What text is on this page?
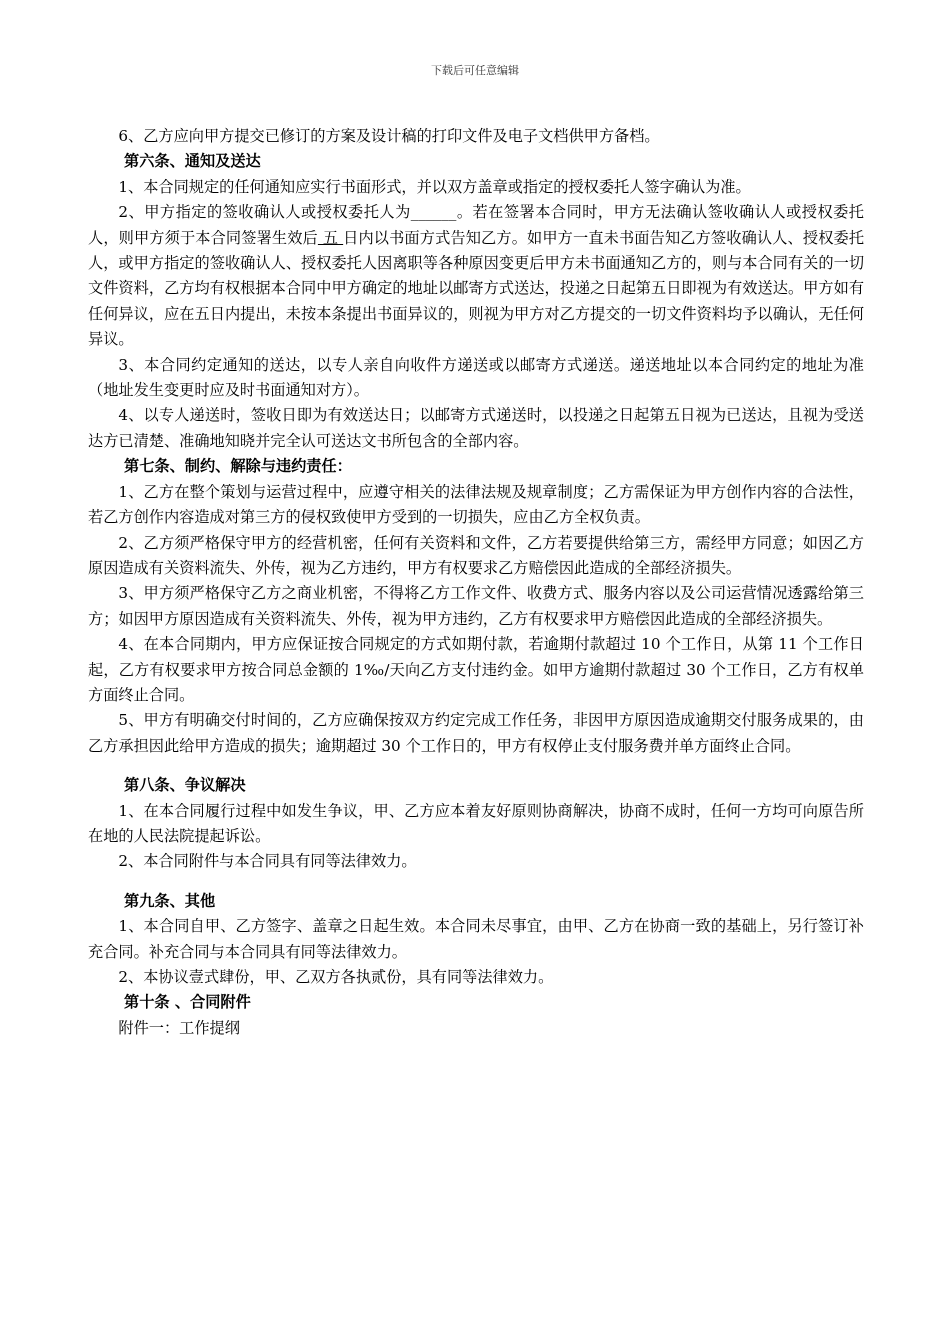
下载后可任意编辑

6、乙方应向甲方提交已修订的方案及设计稿的打印文件及电子文档供甲方备档。

第六条、通知及送达

1、本合同规定的任何通知应实行书面形式，并以双方盖章或指定的授权委托人签字确认为准。

2、甲方指定的签收确认人或授权委托人为______。若在签署本合同时，甲方无法确认签收确认人或授权委托人，则甲方须于本合同签署生效后 五 日内以书面方式告知乙方。如甲方一直未书面告知乙方签收确认人、授权委托人，或甲方指定的签收确认人、授权委托人因离职等各种原因变更后甲方未书面通知乙方的，则与本合同有关的一切文件资料，乙方均有权根据本合同中甲方确定的地址以邮寄方式送达，投递之日起第五日即视为有效送达。甲方如有任何异议，应在五日内提出，未按本条提出书面异议的，则视为甲方对乙方提交的一切文件资料均予以确认，无任何异议。

3、本合同约定通知的送达，以专人亲自向收件方递送或以邮寄方式递送。递送地址以本合同约定的地址为准（地址发生变更时应及时书面通知对方）。

4、以专人递送时，签收日即为有效送达日；以邮寄方式递送时，以投递之日起第五日视为已送达，且视为受送达方已清楚、准确地知晓并完全认可送达文书所包含的全部内容。

第七条、制约、解除与违约责任：

1、乙方在整个策划与运营过程中，应遵守相关的法律法规及规章制度；乙方需保证为甲方创作内容的合法性，若乙方创作内容造成对第三方的侵权致使甲方受到的一切损失，应由乙方全权负责。

2、乙方须严格保守甲方的经营机密，任何有关资料和文件，乙方若要提供给第三方，需经甲方同意；如因乙方原因造成有关资料流失、外传，视为乙方违约，甲方有权要求乙方赔偿因此造成的全部经济损失。

3、甲方须严格保守乙方之商业机密，不得将乙方工作文件、收费方式、服务内容以及公司运营情况透露给第三方；如因甲方原因造成有关资料流失、外传，视为甲方违约，乙方有权要求甲方赔偿因此造成的全部经济损失。

4、在本合同期内，甲方应保证按合同规定的方式如期付款，若逾期付款超过 10 个工作日，从第 11 个工作日起，乙方有权要求甲方按合同总金额的 1‰/天向乙方支付违约金。如甲方逾期付款超过 30 个工作日，乙方有权单方面终止合同。

5、甲方有明确交付时间的，乙方应确保按双方约定完成工作任务，非因甲方原因造成逾期交付服务成果的，由乙方承担因此给甲方造成的损失；逾期超过 30 个工作日的，甲方有权停止支付服务费并单方面终止合同。

第八条、争议解决

1、在本合同履行过程中如发生争议，甲、乙方应本着友好原则协商解决，协商不成时，任何一方均可向原告所在地的人民法院提起诉讼。

2、本合同附件与本合同具有同等法律效力。

第九条、其他

1、本合同自甲、乙方签字、盖章之日起生效。本合同未尽事宜，由甲、乙方在协商一致的基础上，另行签订补充合同。补充合同与本合同具有同等法律效力。

2、本协议壹式肆份，甲、乙双方各执贰份，具有同等法律效力。

第十条 、合同附件

附件一：工作提纲
